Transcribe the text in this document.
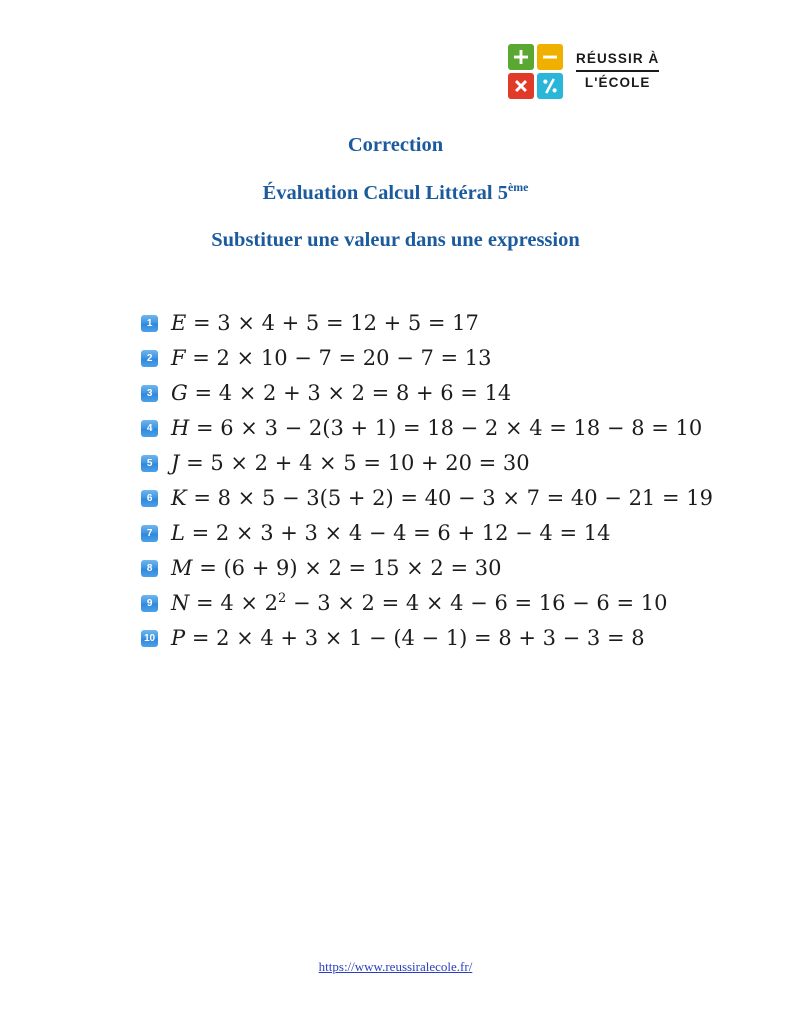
RÉUSSIR À
L'ÉCOLE
Correction
Évaluation Calcul Littéral 5ème
Substituer une valeur dans une expression
1 E = 3 × 4 + 5 = 12 + 5 = 17
2 F = 2 × 10 − 7 = 20 − 7 = 13
3 G = 4 × 2 + 3 × 2 = 8 + 6 = 14
4 H = 6 × 3 − 2(3 + 1) = 18 − 2 × 4 = 18 − 8 = 10
5 J = 5 × 2 + 4 × 5 = 10 + 20 = 30
6 K = 8 × 5 − 3(5 + 2) = 40 − 3 × 7 = 40 − 21 = 19
7 L = 2 × 3 + 3 × 4 − 4 = 6 + 12 − 4 = 14
8 M = (6 + 9) × 2 = 15 × 2 = 30
9 $N = 4 \times 2^2 - 3 \times 2 = 4 \times 4 - 6 = 16 - 6 = 10$
10 P = 2 × 4 + 3 × 1 − (4 − 1) = 8 + 3 − 3 = 8
https://www.reussiralecole.fr/
